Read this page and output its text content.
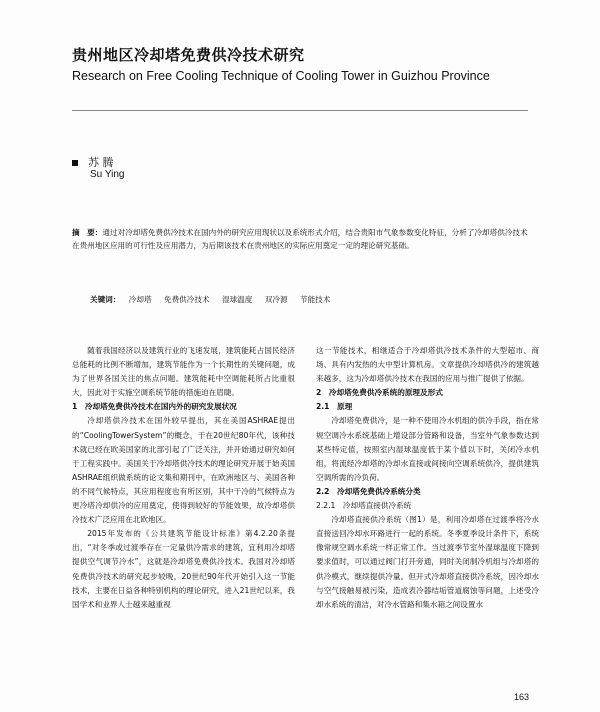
贵州地区冷却塔免费供冷技术研究
Research on Free Cooling Technique of Cooling Tower in Guizhou Province
苏 腾
Su Ying
摘　要：通过对冷却塔免费供冷技术在国内外的研究应用现状以及系统形式介绍，结合贵阳市气象参数变化特征，分析了冷却塔供冷技术在贵州地区应用的可行性及应用潜力，为后期该技术在贵州地区的实际应用奠定一定的理论研究基础。
关键词： 冷却塔 免费供冷技术 湿球温度 双冷源 节能技术

随着我国经济以及建筑行业的飞速发展，建筑能耗占国民经济总能耗的比例不断增加，建筑节能作为一个长期性的关键问题，成为了世界各国关注的焦点问题。建筑能耗中空调能耗所占比重很大，因此对于实施空调系统节能的措施迫在眉睫。

1　冷却塔免费供冷技术在国内外的研究发展状况

冷却塔供冷技术在国外较早提出，其在美国ASHRAE提出的“CoolingTowerSystem”的概念，于在20世纪80年代，该种技术就已经在欧美国家的北部引起了广泛关注，并开始通过研究如何于工程实践中。美国关于冷却塔供冷技术的理论研究开展于始美国ASHRAE组织做系统的论文集和期刊中，在欧洲地区与、美国各种的不同气候特点，其应用程度也有所区别，其中干冷的气候特点为更冷塔冷却供冷的应用奠定，使得到较好的节能效果，故冷却塔供冷技术广泛应用在北欧地区。

2015年发布的《公共建筑节能设计标准》第4.2.20条提出，“对冬季或过渡季存在一定量供冷需求的建筑，宜利用冷却塔提供空气调节冷水”，这就是冷却塔免费供冷技术。我国对冷却塔免费供冷技术的研究起步较晚，20世纪90年代开始引入这一节能技术，主要在日益各种特别机构的理论研究，进入21世纪以来，我国学术和业界人士越来越重视

这一节能技术，相继适合于冷却塔供冷技术条件的大型超市、商场、具有内发热的大中型计算机房。文章提供冷却塔供冷的建筑越来越多，这为冷却塔供冷技术在我国的应用与推广提供了依据。

2　冷却塔免费供冷系统的原理及形式

2.1　原理

冷却塔免费供冷，是一种不使用冷水机组的供冷手段，指在常规空调冷水系统基础上增设部分管路和设备，当室外气象参数达到某些特定值，按照室内湿球温度低于某个值以下时，关闭冷水机组，将流经冷却塔的冷却水直接或间接向空调系统供冷，提供建筑空调所需的冷负荷。

2.2　冷却塔免费供冷系统分类

2.2.1　冷却塔直接供冷系统

冷却塔直接供冷系统（图1）是，利用冷却塔在过渡季将冷水直接送回冷却水环路进行一起的系统。冬季夏季设计条件下，系统像常规空调水系统一样正常工作。当过渡季节室外湿球温度下降到要求值时，可以通过阀门打开旁通，同时关闭制冷机组与冷却塔的供冷模式，继续提供冷量。但开式冷却塔直接供冷系统，因冷却水与空气接触易被污染，造成表冷器结垢管道腐蚀等问题，上述受冷却水系统的清洁，对冷水管路和集水箱之间设置水

163
